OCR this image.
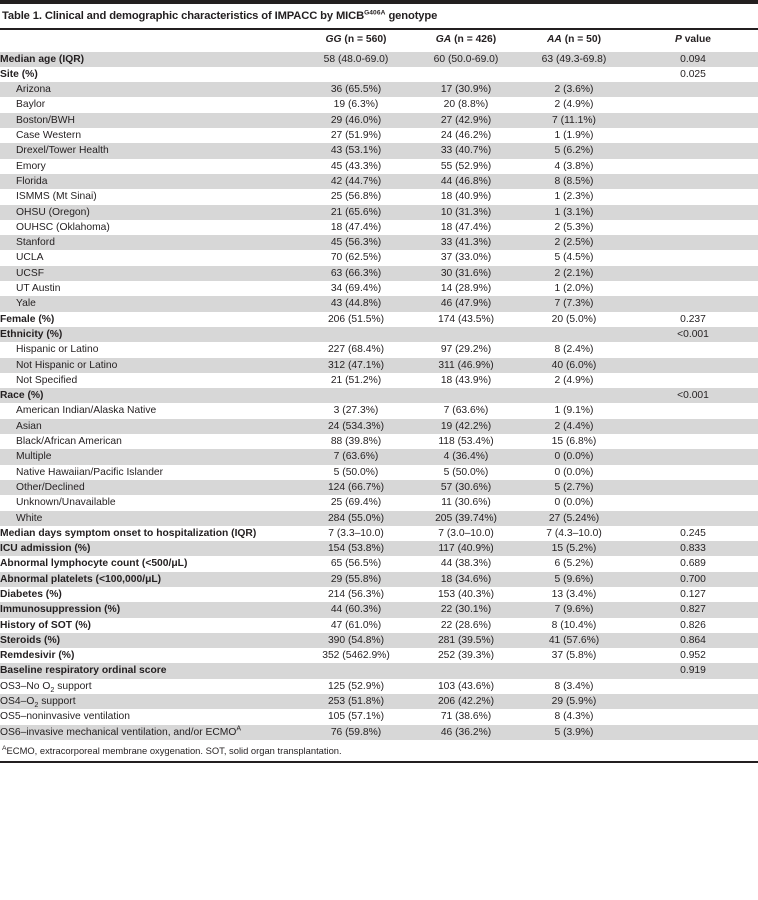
Table 1. Clinical and demographic characteristics of IMPACC by $MICB^{G406A}$ genotype
	GG (n = 560)	GA (n = 426)	AA (n = 50)	P value
Median age (IQR)	58 (48.0-69.0)	60 (50.0-69.0)	63 (49.3-69.8)	0.094
Site (%)				0.025
Arizona	36 (65.5%)	17 (30.9%)	2 (3.6%)	
Baylor	19 (6.3%)	20 (8.8%)	2 (4.9%)	
Boston/BWH	29 (46.0%)	27 (42.9%)	7 (11.1%)	
Case Western	27 (51.9%)	24 (46.2%)	1 (1.9%)	
Drexel/Tower Health	43 (53.1%)	33 (40.7%)	5 (6.2%)	
Emory	45 (43.3%)	55 (52.9%)	4 (3.8%)	
Florida	42 (44.7%)	44 (46.8%)	8 (8.5%)	
ISMMS (Mt Sinai)	25 (56.8%)	18 (40.9%)	1 (2.3%)	
OHSU (Oregon)	21 (65.6%)	10 (31.3%)	1 (3.1%)	
OUHSC (Oklahoma)	18 (47.4%)	18 (47.4%)	2 (5.3%)	
Stanford	45 (56.3%)	33 (41.3%)	2 (2.5%)	
UCLA	70 (62.5%)	37 (33.0%)	5 (4.5%)	
UCSF	63 (66.3%)	30 (31.6%)	2 (2.1%)	
UT Austin	34 (69.4%)	14 (28.9%)	1 (2.0%)	
Yale	43 (44.8%)	46 (47.9%)	7 (7.3%)	
Female (%)	206 (51.5%)	174 (43.5%)	20 (5.0%)	0.237
Ethnicity (%)				<0.001
Hispanic or Latino	227 (68.4%)	97 (29.2%)	8 (2.4%)	
Not Hispanic or Latino	312 (47.1%)	311 (46.9%)	40 (6.0%)	
Not Specified	21 (51.2%)	18 (43.9%)	2 (4.9%)	
Race (%)				<0.001
American Indian/Alaska Native	3 (27.3%)	7 (63.6%)	1 (9.1%)	
Asian	24 (534.3%)	19 (42.2%)	2 (4.4%)	
Black/African American	88 (39.8%)	118 (53.4%)	15 (6.8%)	
Multiple	7 (63.6%)	4 (36.4%)	0 (0.0%)	
Native Hawaiian/Pacific Islander	5 (50.0%)	5 (50.0%)	0 (0.0%)	
Other/Declined	124 (66.7%)	57 (30.6%)	5 (2.7%)	
Unknown/Unavailable	25 (69.4%)	11 (30.6%)	0 (0.0%)	
White	284 (55.0%)	205 (39.74%)	27 (5.24%)	
Median days symptom onset to hospitalization (IQR)	7 (3.3–10.0)	7 (3.0–10.0)	7 (4.3–10.0)	0.245
ICU admission (%)	154 (53.8%)	117 (40.9%)	15 (5.2%)	0.833
Abnormal lymphocyte count (<500/μL)	65 (56.5%)	44 (38.3%)	6 (5.2%)	0.689
Abnormal platelets (<100,000/μL)	29 (55.8%)	18 (34.6%)	5 (9.6%)	0.700
Diabetes (%)	214 (56.3%)	153 (40.3%)	13 (3.4%)	0.127
Immunosuppression (%)	44 (60.3%)	22 (30.1%)	7 (9.6%)	0.827
History of SOT (%)	47 (61.0%)	22 (28.6%)	8 (10.4%)	0.826
Steroids (%)	390 (54.8%)	281 (39.5%)	41 (57.6%)	0.864
Remdesivir (%)	352 (5462.9%)	252 (39.3%)	37 (5.8%)	0.952
Baseline respiratory ordinal score				0.919
OS3–No $O_2$ support	125 (52.9%)	103 (43.6%)	8 (3.4%)	
$OS4-O_2$ support	253 (51.8%)	206 (42.2%)	29 (5.9%)	
OS5–noninvasive ventilation	105 (57.1%)	71 (38.6%)	8 (4.3%)	
OS6–invasive mechanical ventilation, and/or ECMO$^A$	76 (59.8%)	46 (36.2%)	5 (3.9%)	
$^A$ECMO, extracorporeal membrane oxygenation. SOT, solid organ transplantation.
